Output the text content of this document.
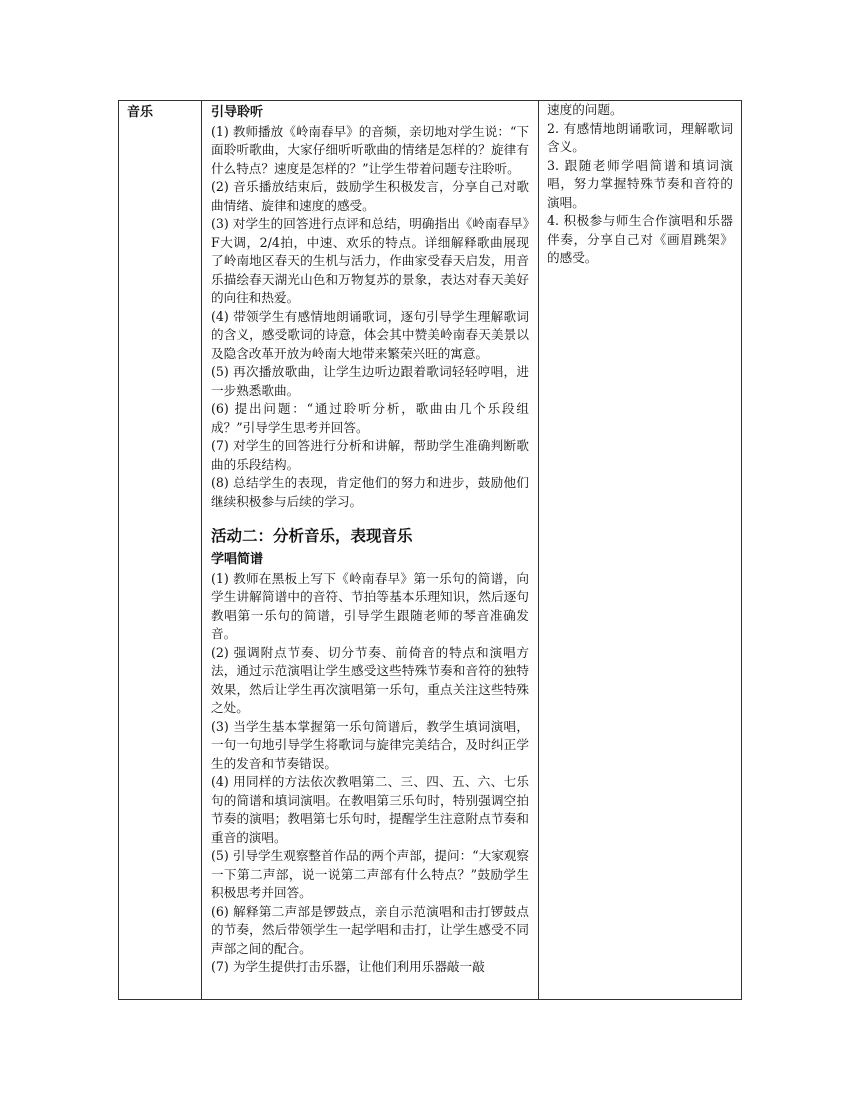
音乐	引导聆听

(1) 教师播放《岭南春早》的音频，亲切地对学生说：“下面聆听歌曲，大家仔细听听歌曲的情绪是怎样的？旋律有什么特点？速度是怎样的？”让学生带着问题专注聆听。

(2) 音乐播放结束后，鼓励学生积极发言，分享自己对歌曲情绪、旋律和速度的感受。

(3) 对学生的回答进行点评和总结，明确指出《岭南春早》F大调，2/4拍，中速、欢乐的特点。详细解释歌曲展现了岭南地区春天的生机与活力，作曲家受春天启发，用音乐描绘春天湖光山色和万物复苏的景象，表达对春天美好的向往和热爱。

(4) 带领学生有感情地朗诵歌词，逐句引导学生理解歌词的含义，感受歌词的诗意，体会其中赞美岭南春天美景以及隐含改革开放为岭南大地带来繁荣兴旺的寓意。

(5) 再次播放歌曲，让学生边听边跟着歌词轻轻哼唱，进一步熟悉歌曲。

(6) 提出问题：“通过聆听分析，歌曲由几个乐段组成？”引导学生思考并回答。

(7) 对学生的回答进行分析和讲解，帮助学生准确判断歌曲的乐段结构。

(8) 总结学生的表现，肯定他们的努力和进步，鼓励他们继续积极参与后续的学习。

活动二：分析音乐，表现音乐

学唱简谱

(1) 教师在黑板上写下《岭南春早》第一乐句的简谱，向学生讲解简谱中的音符、节拍等基本乐理知识，然后逐句教唱第一乐句的简谱，引导学生跟随老师的琴音准确发音。

(2) 强调附点节奏、切分节奏、前倚音的特点和演唱方法，通过示范演唱让学生感受这些特殊节奏和音符的独特效果，然后让学生再次演唱第一乐句，重点关注这些特殊之处。

(3) 当学生基本掌握第一乐句简谱后，教学生填词演唱，一句一句地引导学生将歌词与旋律完美结合，及时纠正学生的发音和节奏错误。

(4) 用同样的方法依次教唱第二、三、四、五、六、七乐句的简谱和填词演唱。在教唱第三乐句时，特别强调空拍节奏的演唱；教唱第七乐句时，提醒学生注意附点节奏和重音的演唱。

(5) 引导学生观察整首作品的两个声部，提问：“大家观察一下第二声部，说一说第二声部有什么特点？”鼓励学生积极思考并回答。

(6) 解释第二声部是锣鼓点，亲自示范演唱和击打锣鼓点的节奏，然后带领学生一起学唱和击打，让学生感受不同声部之间的配合。

(7) 为学生提供打击乐器，让他们利用乐器敲一敲

速度的问题。

2. 有感情地朗诵歌词，理解歌词含义。

3. 跟随老师学唱简谱和填词演唱，努力掌握特殊节奏和音符的演唱。

4. 积极参与师生合作演唱和乐器伴奏，分享自己对《画眉跳架》的感受。
